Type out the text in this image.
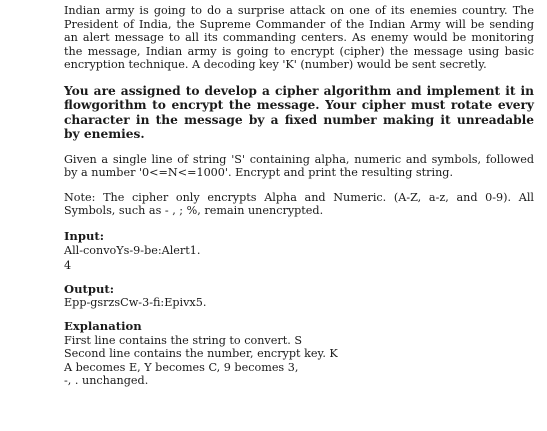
Indian army is going to do a surprise attack on one of its enemies country. The President of India, the Supreme Commander of the Indian Army will be sending an alert message to all its commanding centers. As enemy would be monitoring the message, Indian army is going to encrypt (cipher) the message using basic encryption technique. A decoding key 'K' (number) would be sent secretly.

You are assigned to develop a cipher algorithm and implement it in flowgorithm to encrypt the message. Your cipher must rotate every character in the message by a fixed number making it unreadable by enemies.

Given a single line of string 'S' containing alpha, numeric and symbols, followed by a number '0<=N<=1000'. Encrypt and print the resulting string.

Note: The cipher only encrypts Alpha and Numeric. (A-Z, a-z, and 0-9). All Symbols, such as - , ; %, remain unencrypted.

Input:

All-convoYs-9-be:Alert1.

4

Output:

Epp-gsrzsCw-3-fi:Epivx5.

Explanation

First line contains the string to convert. S

Second line contains the number, encrypt key. K

A becomes E, Y becomes C, 9 becomes 3,

-, . unchanged.
